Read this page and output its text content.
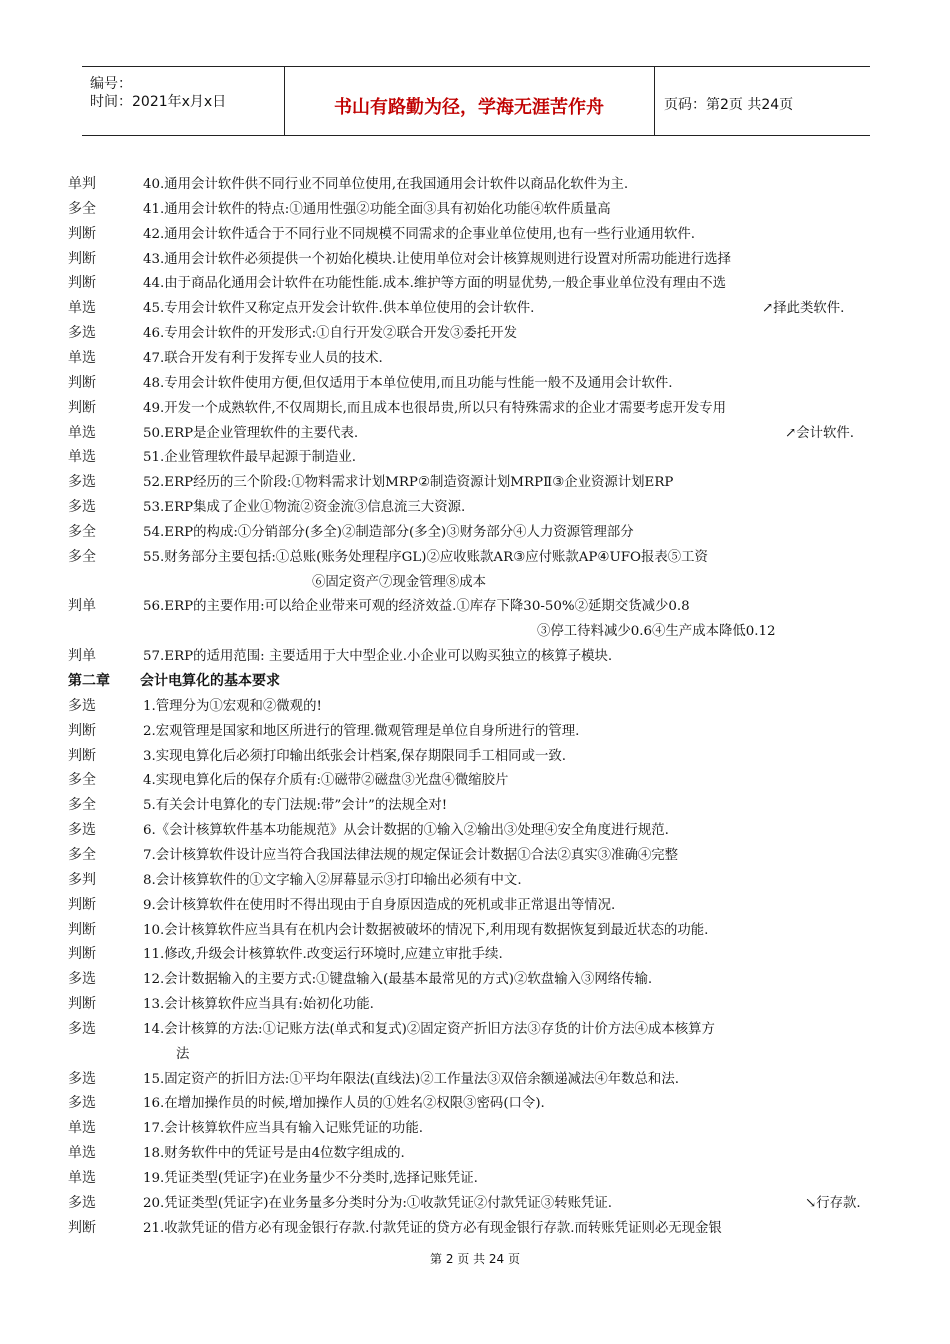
编号：
时间：2021年x月x日	书山有路勤为径，学海无涯苦作舟	页码：第2页 共24页
单判	40.通用会计软件供不同行业不同单位使用,在我国通用会计软件以商品化软件为主.
多全	41.通用会计软件的特点:①通用性强②功能全面③具有初始化功能④软件质量高
判断	42.通用会计软件适合于不同行业不同规模不同需求的企事业单位使用,也有一些行业通用软件.
判断	43.通用会计软件必须提供一个初始化模块.让使用单位对会计核算规则进行设置对所需功能进行选择
判断	44.由于商品化通用会计软件在功能性能.成本.维护等方面的明显优势,一般企事业单位没有理由不选
单选	45.专用会计软件又称定点开发会计软件.供本单位使用的会计软件.	↗择此类软件.
多选	46.专用会计软件的开发形式:①自行开发②联合开发③委托开发
单选	47.联合开发有利于发挥专业人员的技术.
判断	48.专用会计软件使用方便,但仅适用于本单位使用,而且功能与性能一般不及通用会计软件.
判断	49.开发一个成熟软件,不仅周期长,而且成本也很昂贵,所以只有特殊需求的企业才需要考虑开发专用
单选	50.ERP是企业管理软件的主要代表.	↗会计软件.
单选	51.企业管理软件最早起源于制造业.
多选	52.ERP经历的三个阶段:①物料需求计划MRP②制造资源计划MRPⅡ③企业资源计划ERP
多选	53.ERP集成了企业①物流②资金流③信息流三大资源.
多全	54.ERP的构成:①分销部分(多全)②制造部分(多全)③财务部分④人力资源管理部分
多全	55.财务部分主要包括:①总账(账务处理程序GL)②应收账款AR③应付账款AP④UFO报表⑤工资
⑥固定资产⑦现金管理⑧成本
判单	56.ERP的主要作用:可以给企业带来可观的经济效益.①库存下降30-50%②延期交货减少0.8
③停工待料减少0.6④生产成本降低0.12
判单	57.ERP的适用范围: 主要适用于大中型企业.小企业可以购买独立的核算子模块.
第二章 会计电算化的基本要求
多选	1.管理分为①宏观和②微观的!
判断	2.宏观管理是国家和地区所进行的管理.微观管理是单位自身所进行的管理.
判断	3.实现电算化后必须打印输出纸张会计档案,保存期限同手工相同或一致.
多全	4.实现电算化后的保存介质有:①磁带②磁盘③光盘④微缩胶片
多全	5.有关会计电算化的专门法规:带”会计”的法规全对!
多选	6.《会计核算软件基本功能规范》从会计数据的①输入②输出③处理④安全角度进行规范.
多全	7.会计核算软件设计应当符合我国法律法规的规定保证会计数据①合法②真实③准确④完整
多判	8.会计核算软件的①文字输入②屏幕显示③打印输出必须有中文.
判断	9.会计核算软件在使用时不得出现由于自身原因造成的死机或非正常退出等情况.
判断	10.会计核算软件应当具有在机内会计数据被破坏的情况下,利用现有数据恢复到最近状态的功能.
判断	11.修改,升级会计核算软件.改变运行环境时,应建立审批手续.
多选	12.会计数据输入的主要方式:①键盘输入(最基本最常见的方式)②软盘输入③网络传输.
判断	13.会计核算软件应当具有:始初化功能.
多选	14.会计核算的方法:①记账方法(单式和复式)②固定资产折旧方法③存货的计价方法④成本核算方
法
多选	15.固定资产的折旧方法:①平均年限法(直线法)②工作量法③双倍余额递减法④年数总和法.
多选	16.在增加操作员的时候,增加操作人员的①姓名②权限③密码(口令).
单选	17.会计核算软件应当具有输入记账凭证的功能.
单选	18.财务软件中的凭证号是由4位数字组成的.
单选	19.凭证类型(凭证字)在业务量少不分类时,选择记账凭证.
多选	20.凭证类型(凭证字)在业务量多分类时分为:①收款凭证②付款凭证③转账凭证.	↘行存款.
判断	21.收款凭证的借方必有现金银行存款.付款凭证的贷方必有现金银行存款.而转账凭证则必无现金银
第 2 页 共 24 页
